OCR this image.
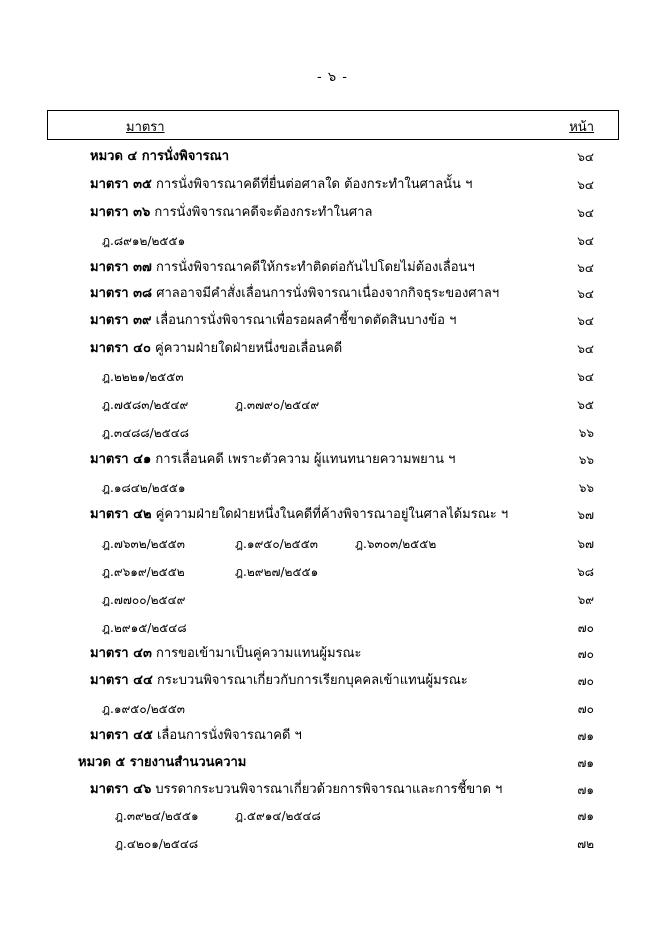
- ๖ -
มาตรา	หน้า
หมวด ๔ การนั่งพิจารณา	๖๔
มาตรา ๓๕ การนั่งพิจารณาคดีที่ยื่นต่อศาลใด ต้องกระทำในศาลนั้น ฯ	๖๔
มาตรา ๓๖ การนั่งพิจารณาคดีจะต้องกระทำในศาล	๖๔
ฎ.๘๙๑๒/๒๕๕๑	๖๔
มาตรา ๓๗ การนั่งพิจารณาคดีให้กระทำติดต่อกันไปโดยไม่ต้องเลื่อนฯ	๖๔
มาตรา ๓๘ ศาลอาจมีคำสั่งเลื่อนการนั่งพิจารณาเนื่องจากกิจธุระของศาลฯ	๖๔
มาตรา ๓๙ เลื่อนการนั่งพิจารณาเพื่อรอผลคำชี้ขาดตัดสินบางข้อ ฯ	๖๔
มาตรา ๔๐ คู่ความฝ่ายใดฝ่ายหนึ่งขอเลื่อนคดี	๖๔
ฎ.๒๒๒๑/๒๕๕๓	๖๔
ฎ.๗๕๘๓/๒๕๔๙	ฎ.๓๗๙๐/๒๕๔๙	๖๕
ฎ.๓๔๘๘/๒๕๔๘	๖๖
มาตรา ๔๑ การเลื่อนคดี เพราะตัวความ ผู้แทนทนายความพยาน ฯ	๖๖
ฎ.๑๘๔๒/๒๕๕๑	๖๖
มาตรา ๔๒ คู่ความฝ่ายใดฝ่ายหนึ่งในคดีที่ค้างพิจารณาอยู่ในศาลได้มรณะ ฯ	๖๗
ฎ.๗๖๓๒/๒๕๕๓	ฎ.๑๙๕๐/๒๕๕๓	ฎ.๖๓๐๓/๒๕๕๒	๖๗
ฎ.๙๖๑๙/๒๕๕๒	ฎ.๒๙๒๗/๒๕๕๑	๖๘
ฎ.๗๗๐๐/๒๕๔๙	๖๙
ฎ.๒๙๑๕/๒๕๔๘	๗๐
มาตรา ๔๓ การขอเข้ามาเป็นคู่ความแทนผู้มรณะ	๗๐
มาตรา ๔๔ กระบวนพิจารณาเกี่ยวกับการเรียกบุคคลเข้าแทนผู้มรณะ	๗๐
ฎ.๑๙๕๐/๒๕๕๓	๗๐
มาตรา ๔๕ เลื่อนการนั่งพิจารณาคดี ฯ	๗๑
หมวด ๕ รายงานสำนวนความ	๗๑
มาตรา ๔๖ บรรดากระบวนพิจารณาเกี่ยวด้วยการพิจารณาและการชี้ขาด ฯ	๗๑
ฎ.๓๙๒๔/๒๕๕๑	ฎ.๕๙๑๔/๒๕๔๘	๗๑
ฎ.๔๒๐๑/๒๕๔๘	๗๒
